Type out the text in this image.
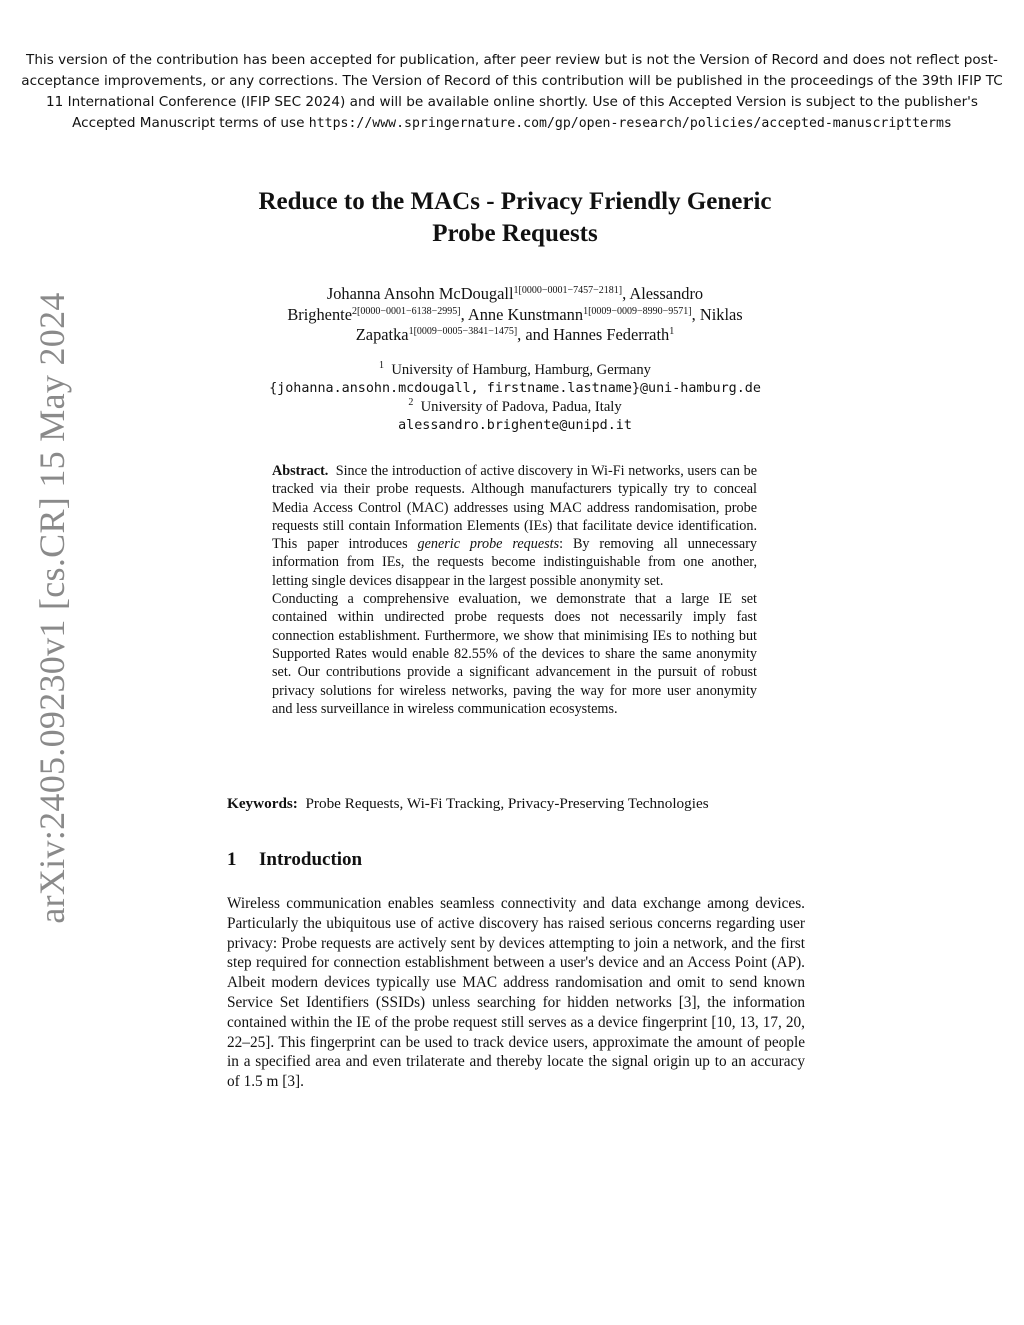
This version of the contribution has been accepted for publication, after peer review but is not the Version of Record and does not reflect post-acceptance improvements, or any corrections. The Version of Record of this contribution will be published in the proceedings of the 39th IFIP TC 11 International Conference (IFIP SEC 2024) and will be available online shortly. Use of this Accepted Version is subject to the publisher's Accepted Manuscript terms of use https://www.springernature.com/gp/open-research/policies/accepted-manuscriptterms
arXiv:2405.09230v1 [cs.CR] 15 May 2024
Reduce to the MACs - Privacy Friendly Generic
Probe Requests
Johanna Ansohn McDougall$^{1[0000-0001-7457-2181]}$, Alessandro
Brighente$^{2[0000-0001-6138-2995]}$, Anne Kunstmann$^{1[0009-0009-8990-9571]}$, Niklas
Zapatka$^{1[0009-0005-3841-1475]}$, and Hannes Federrath$^1$
$^1$ University of Hamburg, Hamburg, Germany
{johanna.ansohn.mcdougall, firstname.lastname}@uni-hamburg.de
$^2$ University of Padova, Padua, Italy
alessandro.brighente@unipd.it

Abstract. Since the introduction of active discovery in Wi-Fi networks, users can be tracked via their probe requests. Although manufacturers typically try to conceal Media Access Control (MAC) addresses using MAC address randomisation, probe requests still contain Information Elements (IEs) that facilitate device identification. This paper introduces generic probe requests: By removing all unnecessary information from IEs, the requests become indistinguishable from one another, letting single devices disappear in the largest possible anonymity set.

Conducting a comprehensive evaluation, we demonstrate that a large IE set contained within undirected probe requests does not necessarily imply fast connection establishment. Furthermore, we show that minimising IEs to nothing but Supported Rates would enable 82.55% of the devices to share the same anonymity set. Our contributions provide a significant advancement in the pursuit of robust privacy solutions for wireless networks, paving the way for more user anonymity and less surveillance in wireless communication ecosystems.

Keywords: Probe Requests, Wi-Fi Tracking, Privacy-Preserving Technologies
1 Introduction

Wireless communication enables seamless connectivity and data exchange among devices. Particularly the ubiquitous use of active discovery has raised serious concerns regarding user privacy: Probe requests are actively sent by devices attempting to join a network, and the first step required for connection establishment between a user's device and an Access Point (AP). Albeit modern devices typically use MAC address randomisation and omit to send known Service Set Identifiers (SSIDs) unless searching for hidden networks [3], the information contained within the IE of the probe request still serves as a device fingerprint [10, 13, 17, 20, 22–25]. This fingerprint can be used to track device users, approximate the amount of people in a specified area and even trilaterate and thereby locate the signal origin up to an accuracy of 1.5 m [3].
